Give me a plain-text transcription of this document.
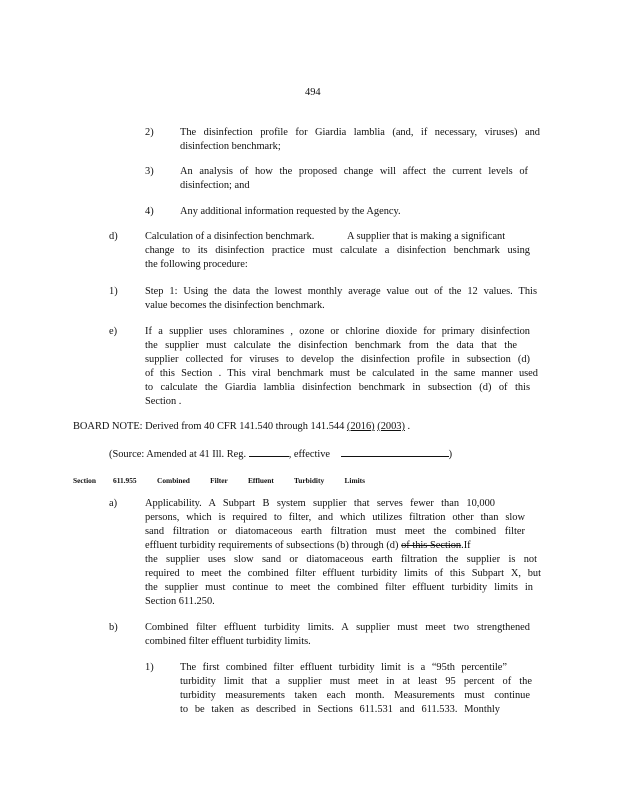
494
2)	The disinfection profile for Giardia lamblia (and, if necessary, viruses) and
disinfection benchmark;
3)	An analysis of how the proposed change will affect the current levels of
disinfection; and
4)	Any additional information requested by the Agency.
d)	Calculation of a disinfection benchmark.	A supplier that is making a significant
change to its disinfection practice must calculate a disinfection benchmark using
the following procedure:
1)	Step 1: Using the data the lowest monthly average value out of the 12 values. This
value becomes the disinfection benchmark.
e)	If a supplier uses chloramines , ozone or chlorine dioxide for primary disinfection
the supplier must calculate the disinfection benchmark from the data that the
supplier collected for viruses to develop the disinfection profile in subsection (d)
of this Section . This viral benchmark must be calculated in the same manner used
to calculate the Giardia lamblia disinfection benchmark in subsection (d) of this
Section .
BOARD NOTE: Derived from 40 CFR 141.540 through 141.544 (2016) (2003) .
(Source: Amended at 41 Ill. Reg.	, effective	)
Section 611.955	Combined Filter Effluent Turbidity Limits
a)	Applicability. A Subpart B system supplier that serves fewer than 10,000
persons, which is required to filter, and which utilizes filtration other than slow
sand filtration or diatomaceous earth filtration must meet the combined filter
effluent turbidity requirements of subsections (b) through (d) of this Section.If
the supplier uses slow sand or diatomaceous earth filtration the supplier is not
required to meet the combined filter effluent turbidity limits of this Subpart X, but
the supplier must continue to meet the combined filter effluent turbidity limits in
Section 611.250.
b)	Combined filter effluent turbidity limits. A supplier must meet two strengthened
combined filter effluent turbidity limits.
1)	The first combined filter effluent turbidity limit is a “95th percentile”
turbidity limit that a supplier must meet in at least 95 percent of the
turbidity measurements taken each month. Measurements must continue
to be taken as described in Sections 611.531 and 611.533. Monthly
